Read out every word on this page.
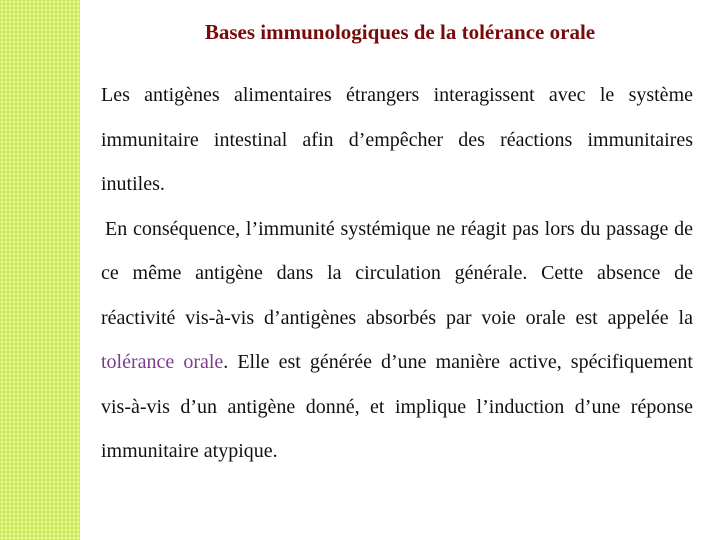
Bases immunologiques de la tolérance orale

Les antigènes alimentaires étrangers interagissent avec le système immunitaire intestinal afin d’empêcher des réactions immunitaires inutiles.

En conséquence, l’immunité systémique ne réagit pas lors du passage de ce même antigène dans la circulation générale. Cette absence de réactivité vis-à-vis d’antigènes absorbés par voie orale est appelée la tolérance orale. Elle est générée d’une manière active, spécifiquement vis-à-vis d’un antigène donné, et implique l’induction d’une réponse immunitaire atypique.
